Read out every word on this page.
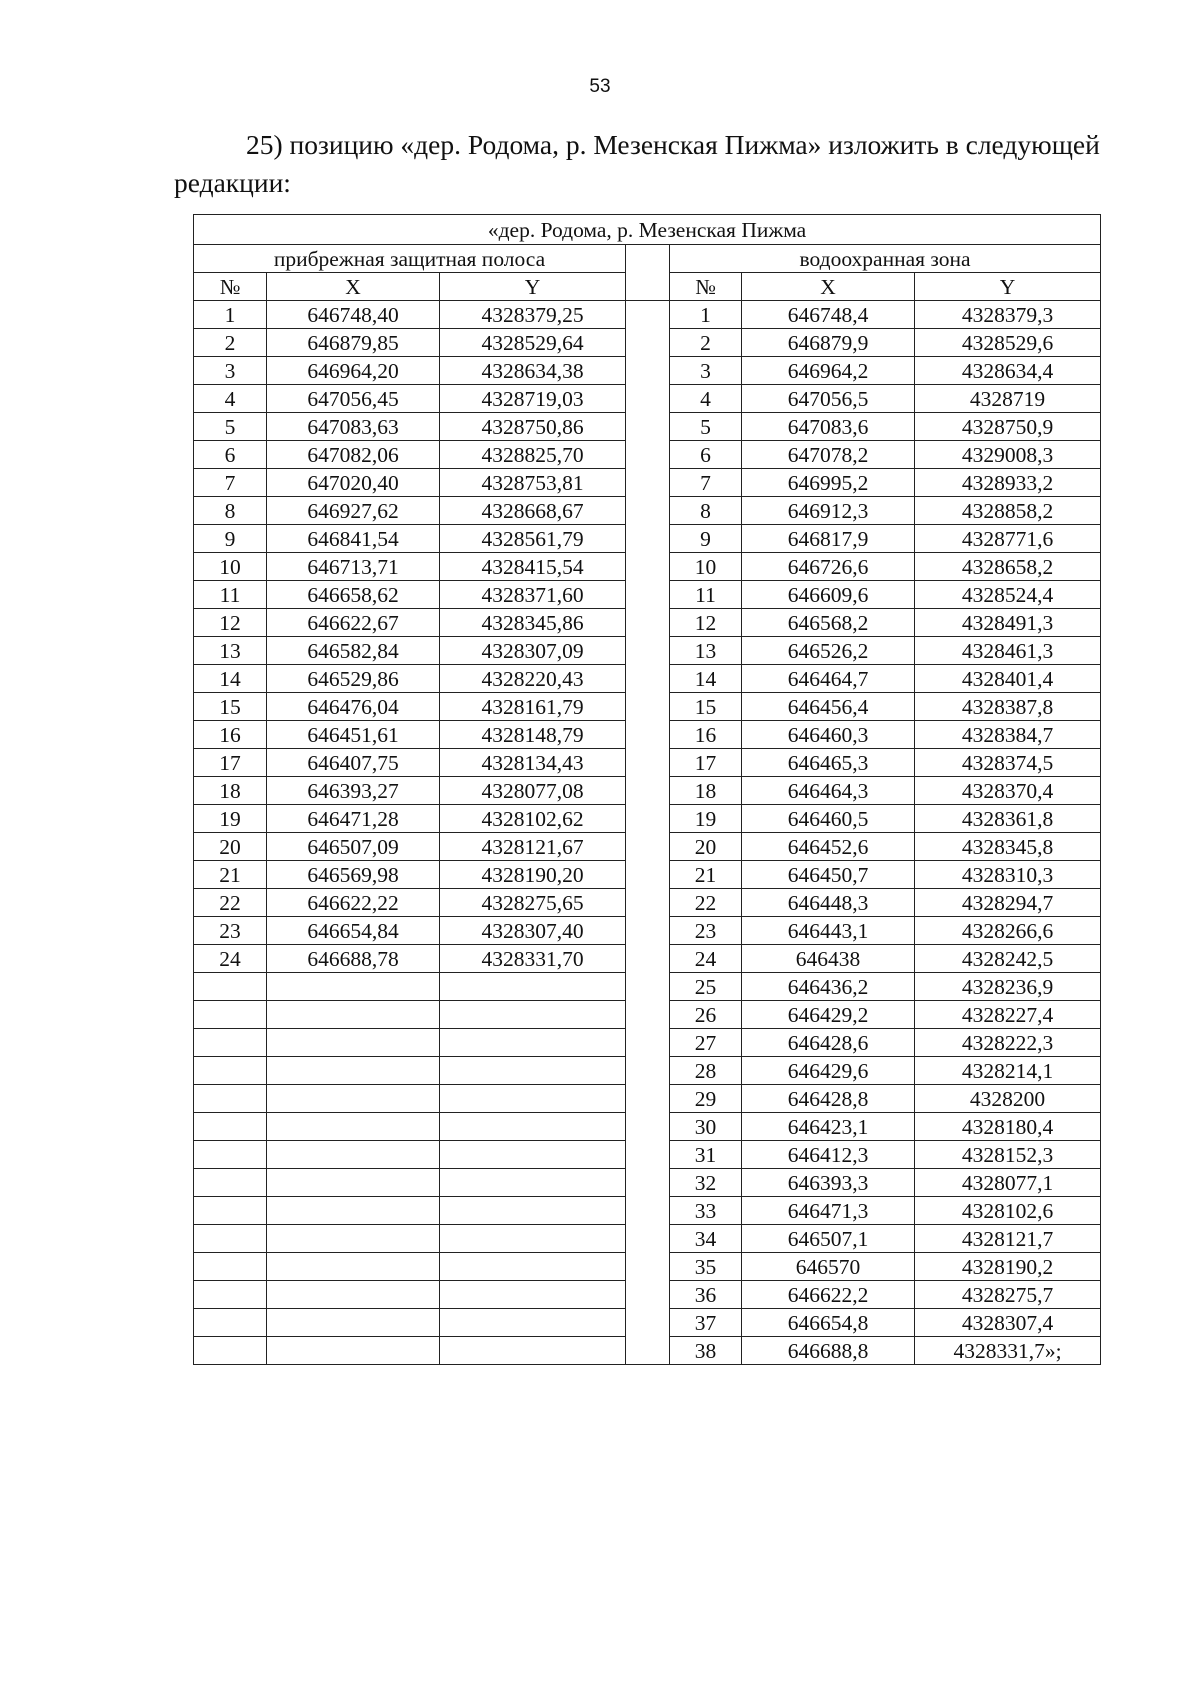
53
25) позицию «дер. Родома, р. Мезенская Пижма» изложить в следующей редакции:
«дер. Родома, р. Мезенская Пижма						
прибрежная защитная полоса				водоохранная зона		
№	X	Y		№	X	Y
1	646748,40	4328379,25		1	646748,4	4328379,3
2	646879,85	4328529,64		2	646879,9	4328529,6
3	646964,20	4328634,38		3	646964,2	4328634,4
4	647056,45	4328719,03		4	647056,5	4328719
5	647083,63	4328750,86		5	647083,6	4328750,9
6	647082,06	4328825,70		6	647078,2	4329008,3
7	647020,40	4328753,81		7	646995,2	4328933,2
8	646927,62	4328668,67		8	646912,3	4328858,2
9	646841,54	4328561,79		9	646817,9	4328771,6
10	646713,71	4328415,54		10	646726,6	4328658,2
11	646658,62	4328371,60		11	646609,6	4328524,4
12	646622,67	4328345,86		12	646568,2	4328491,3
13	646582,84	4328307,09		13	646526,2	4328461,3
14	646529,86	4328220,43		14	646464,7	4328401,4
15	646476,04	4328161,79		15	646456,4	4328387,8
16	646451,61	4328148,79		16	646460,3	4328384,7
17	646407,75	4328134,43		17	646465,3	4328374,5
18	646393,27	4328077,08		18	646464,3	4328370,4
19	646471,28	4328102,62		19	646460,5	4328361,8
20	646507,09	4328121,67		20	646452,6	4328345,8
21	646569,98	4328190,20		21	646450,7	4328310,3
22	646622,22	4328275,65		22	646448,3	4328294,7
23	646654,84	4328307,40		23	646443,1	4328266,6
24	646688,78	4328331,70		24	646438	4328242,5
				25	646436,2	4328236,9
				26	646429,2	4328227,4
				27	646428,6	4328222,3
				28	646429,6	4328214,1
				29	646428,8	4328200
				30	646423,1	4328180,4
				31	646412,3	4328152,3
				32	646393,3	4328077,1
				33	646471,3	4328102,6
				34	646507,1	4328121,7
				35	646570	4328190,2
				36	646622,2	4328275,7
				37	646654,8	4328307,4
				38	646688,8	4328331,7»;
